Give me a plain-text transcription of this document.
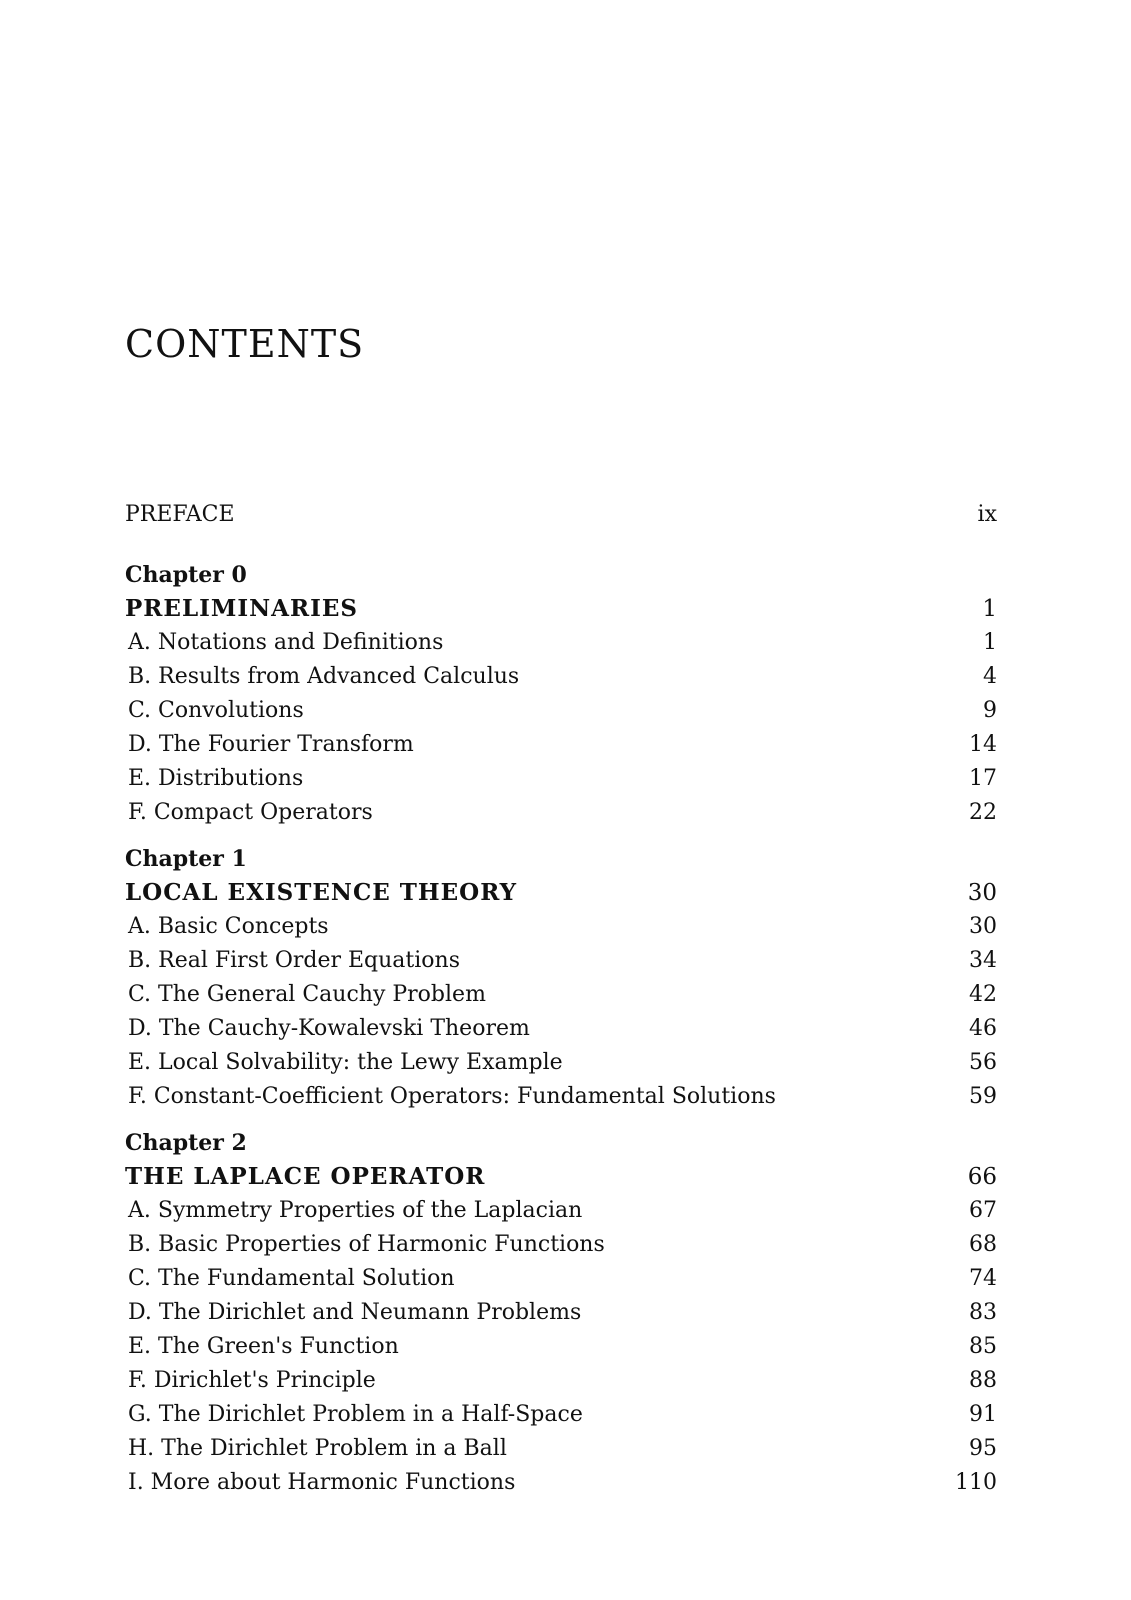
CONTENTS
PREFACE	ix
Chapter 0
PRELIMINARIES	1
A. Notations and Definitions	1
B. Results from Advanced Calculus	4
C. Convolutions	9
D. The Fourier Transform	14
E. Distributions	17
F. Compact Operators	22
Chapter 1
LOCAL EXISTENCE THEORY	30
A. Basic Concepts	30
B. Real First Order Equations	34
C. The General Cauchy Problem	42
D. The Cauchy-Kowalevski Theorem	46
E. Local Solvability: the Lewy Example	56
F. Constant-Coefficient Operators: Fundamental Solutions	59
Chapter 2
THE LAPLACE OPERATOR	66
A. Symmetry Properties of the Laplacian	67
B. Basic Properties of Harmonic Functions	68
C. The Fundamental Solution	74
D. The Dirichlet and Neumann Problems	83
E. The Green's Function	85
F. Dirichlet's Principle	88
G. The Dirichlet Problem in a Half-Space	91
H. The Dirichlet Problem in a Ball	95
I. More about Harmonic Functions	110
